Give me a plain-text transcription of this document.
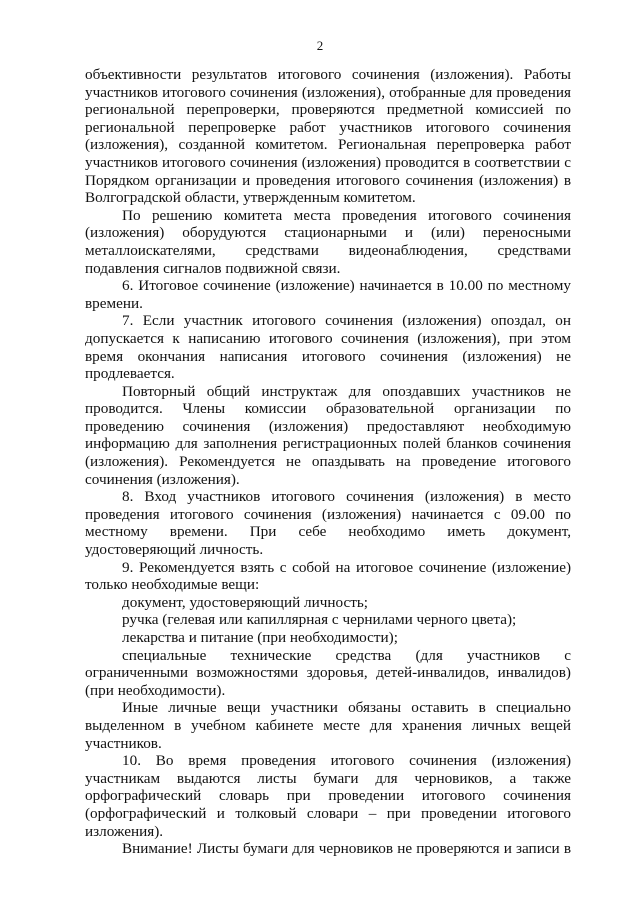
2

объективности результатов итогового сочинения (изложения). Работы участников итогового сочинения (изложения), отобранные для проведения региональной перепроверки, проверяются предметной комиссией по региональной перепроверке работ участников итогового сочинения (изложения), созданной комитетом. Региональная перепроверка работ участников итогового сочинения (изложения) проводится в соответствии с Порядком организации и проведения итогового сочинения (изложения) в Волгоградской области, утвержденным комитетом.

По решению комитета места проведения итогового сочинения (изложения) оборудуются стационарными и (или) переносными металлоискателями, средствами видеонаблюдения, средствами подавления сигналов подвижной связи.

6. Итоговое сочинение (изложение) начинается в 10.00 по местному времени.

7. Если участник итогового сочинения (изложения) опоздал, он допускается к написанию итогового сочинения (изложения), при этом время окончания написания итогового сочинения (изложения) не продлевается.

Повторный общий инструктаж для опоздавших участников не проводится. Члены комиссии образовательной организации по проведению сочинения (изложения) предоставляют необходимую информацию для заполнения регистрационных полей бланков сочинения (изложения). Рекомендуется не опаздывать на проведение итогового сочинения (изложения).

8. Вход участников итогового сочинения (изложения) в место проведения итогового сочинения (изложения) начинается с 09.00 по местному времени. При себе необходимо иметь документ, удостоверяющий личность.

9. Рекомендуется взять с собой на итоговое сочинение (изложение) только необходимые вещи:

документ, удостоверяющий личность;

ручка (гелевая или капиллярная с чернилами черного цвета);

лекарства и питание (при необходимости);

специальные технические средства (для участников с ограниченными возможностями здоровья, детей-инвалидов, инвалидов) (при необходимости).

Иные личные вещи участники обязаны оставить в специально выделенном в учебном кабинете месте для хранения личных вещей участников.

10. Во время проведения итогового сочинения (изложения) участникам выдаются листы бумаги для черновиков, а также орфографический словарь при проведении итогового сочинения (орфографический и толковый словари – при проведении итогового изложения).

Внимание! Листы бумаги для черновиков не проверяются и записи в
